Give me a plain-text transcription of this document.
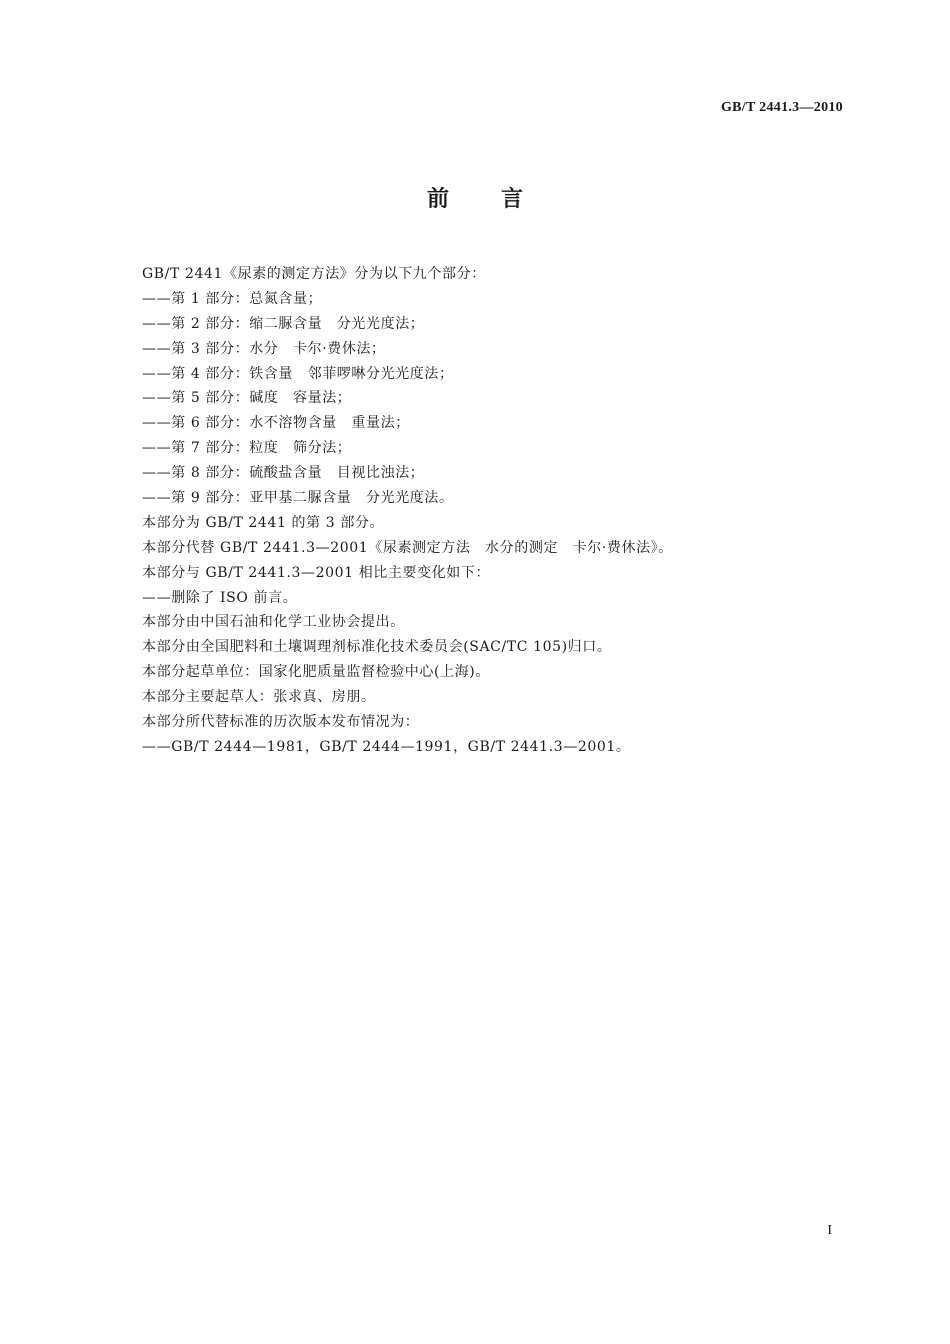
GB/T 2441.3—2010
前言
GB/T 2441《尿素的测定方法》分为以下九个部分：
——第 1 部分：总氮含量；
——第 2 部分：缩二脲含量　分光光度法；
——第 3 部分：水分　卡尔·费休法；
——第 4 部分：铁含量　邻菲啰啉分光光度法；
——第 5 部分：碱度　容量法；
——第 6 部分：水不溶物含量　重量法；
——第 7 部分：粒度　筛分法；
——第 8 部分：硫酸盐含量　目视比浊法；
——第 9 部分：亚甲基二脲含量　分光光度法。
本部分为 GB/T 2441 的第 3 部分。
本部分代替 GB/T 2441.3—2001《尿素测定方法　水分的测定　卡尔·费休法》。
本部分与 GB/T 2441.3—2001 相比主要变化如下：
——删除了 ISO 前言。
本部分由中国石油和化学工业协会提出。
本部分由全国肥料和土壤调理剂标准化技术委员会(SAC/TC 105)归口。
本部分起草单位：国家化肥质量监督检验中心(上海)。
本部分主要起草人：张求真、房朋。
本部分所代替标准的历次版本发布情况为：
——GB/T 2444—1981，GB/T 2444—1991，GB/T 2441.3—2001。
I
